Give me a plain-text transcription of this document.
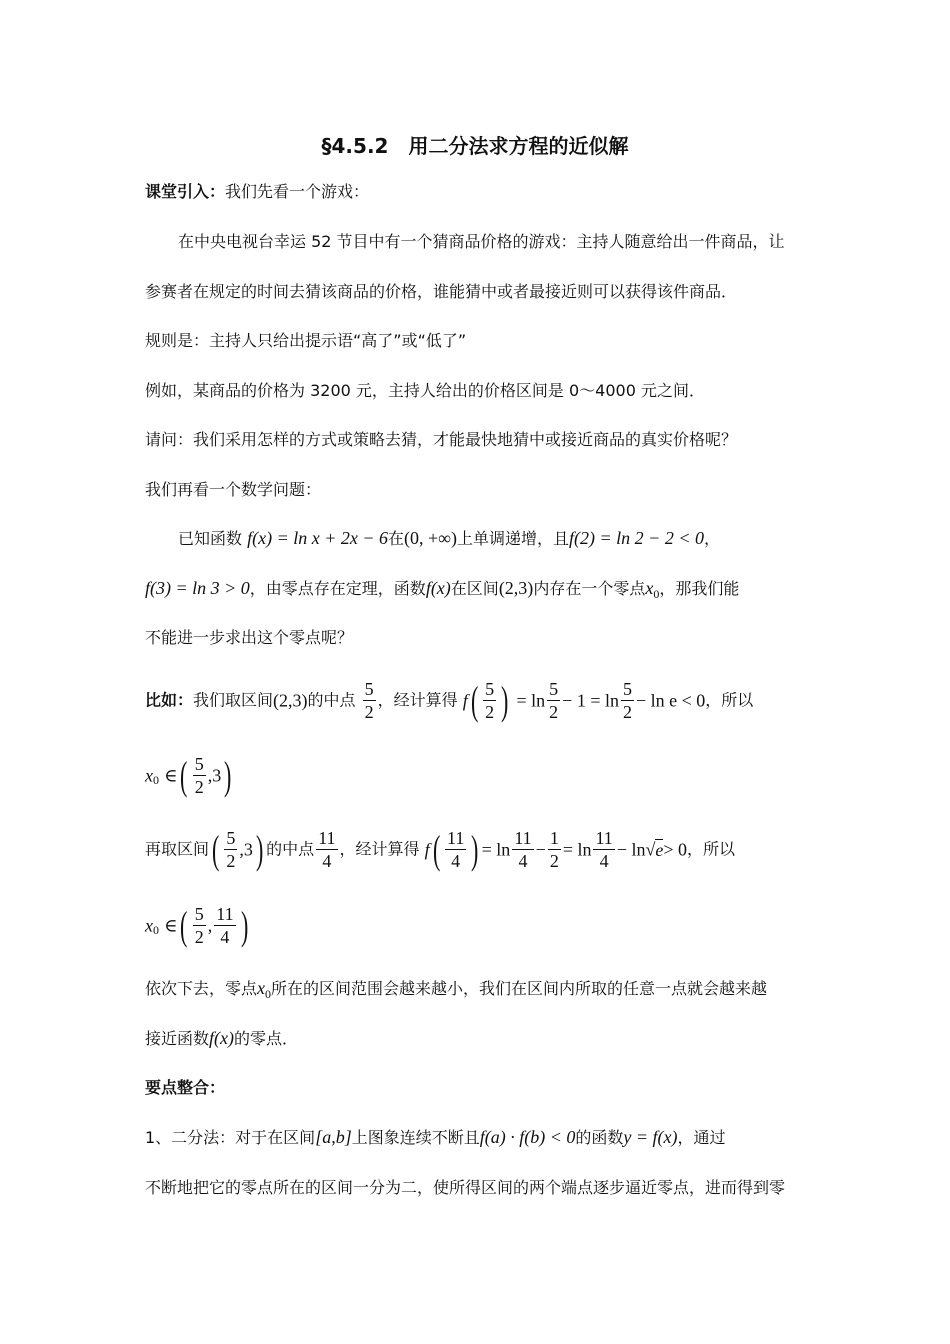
§4.5.2　用二分法求方程的近似解
课堂引入：我们先看一个游戏：
在中央电视台幸运 52 节目中有一个猜商品价格的游戏：主持人随意给出一件商品，让
参赛者在规定的时间去猜该商品的价格，谁能猜中或者最接近则可以获得该件商品．
规则是：主持人只给出提示语“高了”或“低了”
例如，某商品的价格为 3200 元，主持人给出的价格区间是 0～4000 元之间．
请问：我们采用怎样的方式或策略去猜，才能最快地猜中或接近商品的真实价格呢？
我们再看一个数学问题：
已知函数 f(x) = ln x + 2x − 6在(0, +∞)上单调递增，且f(2) = ln 2 − 2 < 0，
f(3) = ln 3 > 0，由零点存在定理，函数f(x)在区间(2,3)内存在一个零点$x_0$，那我们能
不能进一步求出这个零点呢？
比如：我们取区间(2,3)的中点 $\frac{5}{2}$ ，经计算得 $f( \frac{5}{2}$ ) = $\ln \frac{5}{2} - 1 = \ln \frac{5}{2} - \ln e < 0$，所以
$x_0$ ∈( $\frac{5}{2} ,3$)
再取区间( $\frac{5}{2} ,3$) 的中点 $\frac{11}{4}$ ，经计算得 $f( \frac{11}{4}$ ) = $\ln \frac{11}{4} - \frac{1}{2} = \ln \frac{11}{4} - \ln√e> 0$，所以
$x_0$ ∈( $\frac{5}{2}$ , $\frac{11}{4}$ )
依次下去，零点$x_0$所在的区间范围会越来越小，我们在区间内所取的任意一点就会越来越
接近函数f(x)的零点．
要点整合：
1、二分法：对于在区间[a,b]上图象连续不断且f(a) · f(b) < 0的函数y = f(x)，通过
不断地把它的零点所在的区间一分为二，使所得区间的两个端点逐步逼近零点，进而得到零
